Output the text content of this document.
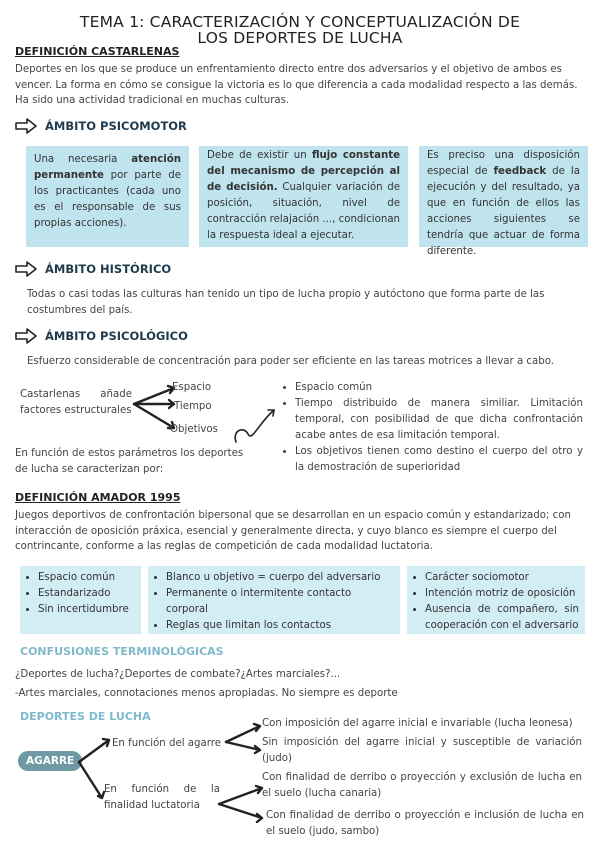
TEMA 1: CARACTERIZACIÓN Y CONCEPTUALIZACIÓN DE
LOS DEPORTES DE LUCHA
DEFINICIÓN CASTARLENAS
Deportes en los que se produce un enfrentamiento directo entre dos adversarios y el objetivo de ambos es vencer. La forma en cómo se consigue la victoria es lo que diferencia a cada modalidad respecto a las demás. Ha sido una actividad tradicional en muchas culturas.
ÁMBITO PSICOMOTOR
Una necesaria atención permanente por parte de los practicantes (cada uno es el responsable de sus propias acciones).
Debe de existir un flujo constante del mecanismo de percepción al de decisión. Cualquier variación de posición, situación, nivel de contracción relajación ..., condicionan la respuesta ideal a ejecutar.
Es preciso una disposición especial de feedback de la ejecución y del resultado, ya que en función de ellos las acciones siguientes se tendría que actuar de forma diferente.
ÁMBITO HISTÓRICO
Todas o casi todas las culturas han tenido un tipo de lucha propio y autóctono que forma parte de las costumbres del país.
ÁMBITO PSICOLÓGICO
Esfuerzo considerable de concentración para poder ser eficiente en las tareas motrices a llevar a cabo.
Castarlenas añade factores estructurales
Espacio
Tiempo
Objetivos
En función de estos parámetros los deportes de lucha se caracterizan por:
• Espacio común
• Tiempo distribuido de manera similiar. Limitación temporal, con posibilidad de que dicha confrontación acabe antes de esa limitación temporal.
• Los objetivos tienen como destino el cuerpo del otro y la demostración de superioridad
DEFINICIÓN AMADOR 1995
Juegos deportivos de confrontación bipersonal que se desarrollan en un espacio común y estandarizado; con interacción de oposición práxica, esencial y generalmente directa, y cuyo blanco es siempre el cuerpo del contrincante, conforme a las reglas de competición de cada modalidad luctatoria.
• Espacio común
• Estandarizado
• Sin incertidumbre
• Blanco u objetivo = cuerpo del adversario
• Permanente o intermitente contacto corporal
• Reglas que limitan los contactos
• Carácter sociomotor
• Intención motriz de oposición
• Ausencia de compañero, sin cooperación con el adversario
CONFUSIONES TERMINOLÓGICAS
¿Deportes de lucha?¿Deportes de combate?¿Artes marciales?...
-Artes marciales, connotaciones menos apropiadas. No siempre es deporte
DEPORTES DE LUCHA
AGARRE
En función del agarre
Con imposición del agarre inicial e invariable (lucha leonesa)
Sin imposición del agarre inicial y susceptible de variación (judo)
En función de la finalidad luctatoria
Con finalidad de derribo o proyección y exclusión de lucha en el suelo (lucha canaria)
Con finalidad de derribo o proyección e inclusión de lucha en el suelo (judo, sambo)
